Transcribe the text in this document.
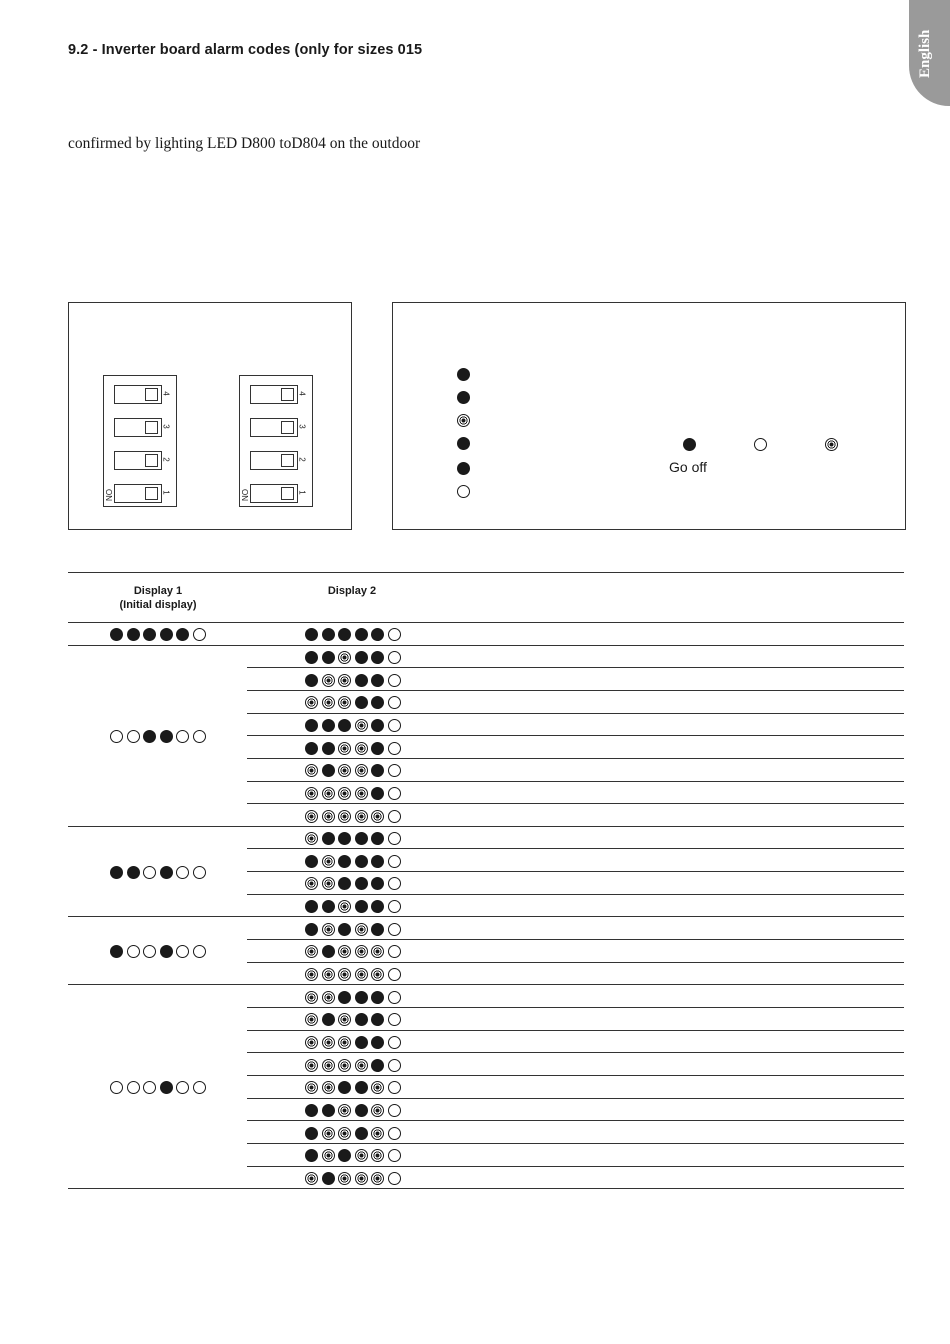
English
9.2 - Inverter board alarm codes (only for sizes 015
confirmed by lighting LED D800 toD804 on the outdoor
4
3
2
1
ON
4
3
2
1
ON
Go off
Display 1
(Initial display)
Display 2
